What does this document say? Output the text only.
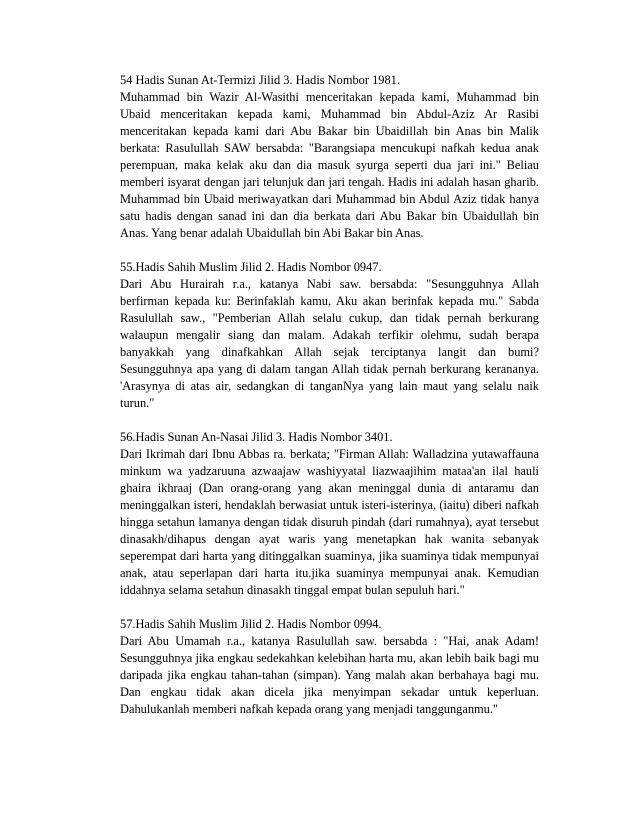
54 Hadis Sunan At-Termizi Jilid 3. Hadis Nombor 1981.
Muhammad bin Wazir Al-Wasithi menceritakan kepada kami, Muhammad bin Ubaid menceritakan kepada kami, Muhammad bin Abdul-Aziz Ar Rasibi menceritakan kepada kami dari Abu Bakar bin Ubaidillah bin Anas bin Malik berkata: Rasulullah SAW bersabda: "Barangsiapa mencukupi nafkah kedua anak perempuan, maka kelak aku dan dia masuk syurga seperti dua jari ini." Beliau memberi isyarat dengan jari telunjuk dan jari tengah. Hadis ini adalah hasan gharib. Muhammad bin Ubaid meriwayatkan dari Muhammad bin Abdul Aziz tidak hanya satu hadis dengan sanad ini dan dia berkata dari Abu Bakar bin Ubaidullah bin Anas. Yang benar adalah Ubaidullah bin Abi Bakar bin Anas.
55.Hadis Sahih Muslim Jilid 2. Hadis Nombor 0947.
Dari Abu Hurairah r.a., katanya Nabi saw. bersabda: "Sesungguhnya Allah berfirman kepada ku: Berinfaklah kamu, Aku akan berinfak kepada mu." Sabda Rasulullah saw., "Pemberian Allah selalu cukup, dan tidak pernah berkurang walaupun mengalir siang dan malam. Adakah terfikir olehmu, sudah berapa banyakkah yang dinafkahkan Allah sejak terciptanya langit dan bumi? Sesungguhnya apa yang di dalam tangan Allah tidak pernah berkurang kerananya. 'Arasynya di atas air, sedangkan di tanganNya yang lain maut yang selalu naik turun."
56.Hadis Sunan An-Nasai Jilid 3. Hadis Nombor 3401.
Dari Ikrimah dari Ibnu Abbas ra. berkata; "Firman Allah: Walladzina yutawaffauna minkum wa yadzaruuna azwaajaw washiyyatal liazwaajihim mataa'an ilal hauli ghaira ikhraaj (Dan orang-orang yang akan meninggal dunia di antaramu dan meninggalkan isteri, hendaklah berwasiat untuk isteri-isterinya, (iaitu) diberi nafkah hingga setahun lamanya dengan tidak disuruh pindah (dari rumahnya), ayat tersebut dinasakh/dihapus dengan ayat waris yang menetapkan hak wanita sebanyak seperempat dari harta yang ditinggalkan suaminya, jika suaminya tidak mempunyai anak, atau seperlapan dari harta itu.jika suaminya mempunyai anak. Kemudian iddahnya selama setahun dinasakh tinggal empat bulan sepuluh hari."
57.Hadis Sahih Muslim Jilid 2. Hadis Nombor 0994.
Dari Abu Umamah r.a., katanya Rasulullah saw. bersabda : "Hai, anak Adam! Sesungguhnya jika engkau sedekahkan kelebihan harta mu, akan lebih baik bagi mu daripada jika engkau tahan-tahan (simpan). Yang malah akan berbahaya bagi mu. Dan engkau tidak akan dicela jika menyimpan sekadar untuk keperluan. Dahulukanlah memberi nafkah kepada orang yang menjadi tanggunganmu."
